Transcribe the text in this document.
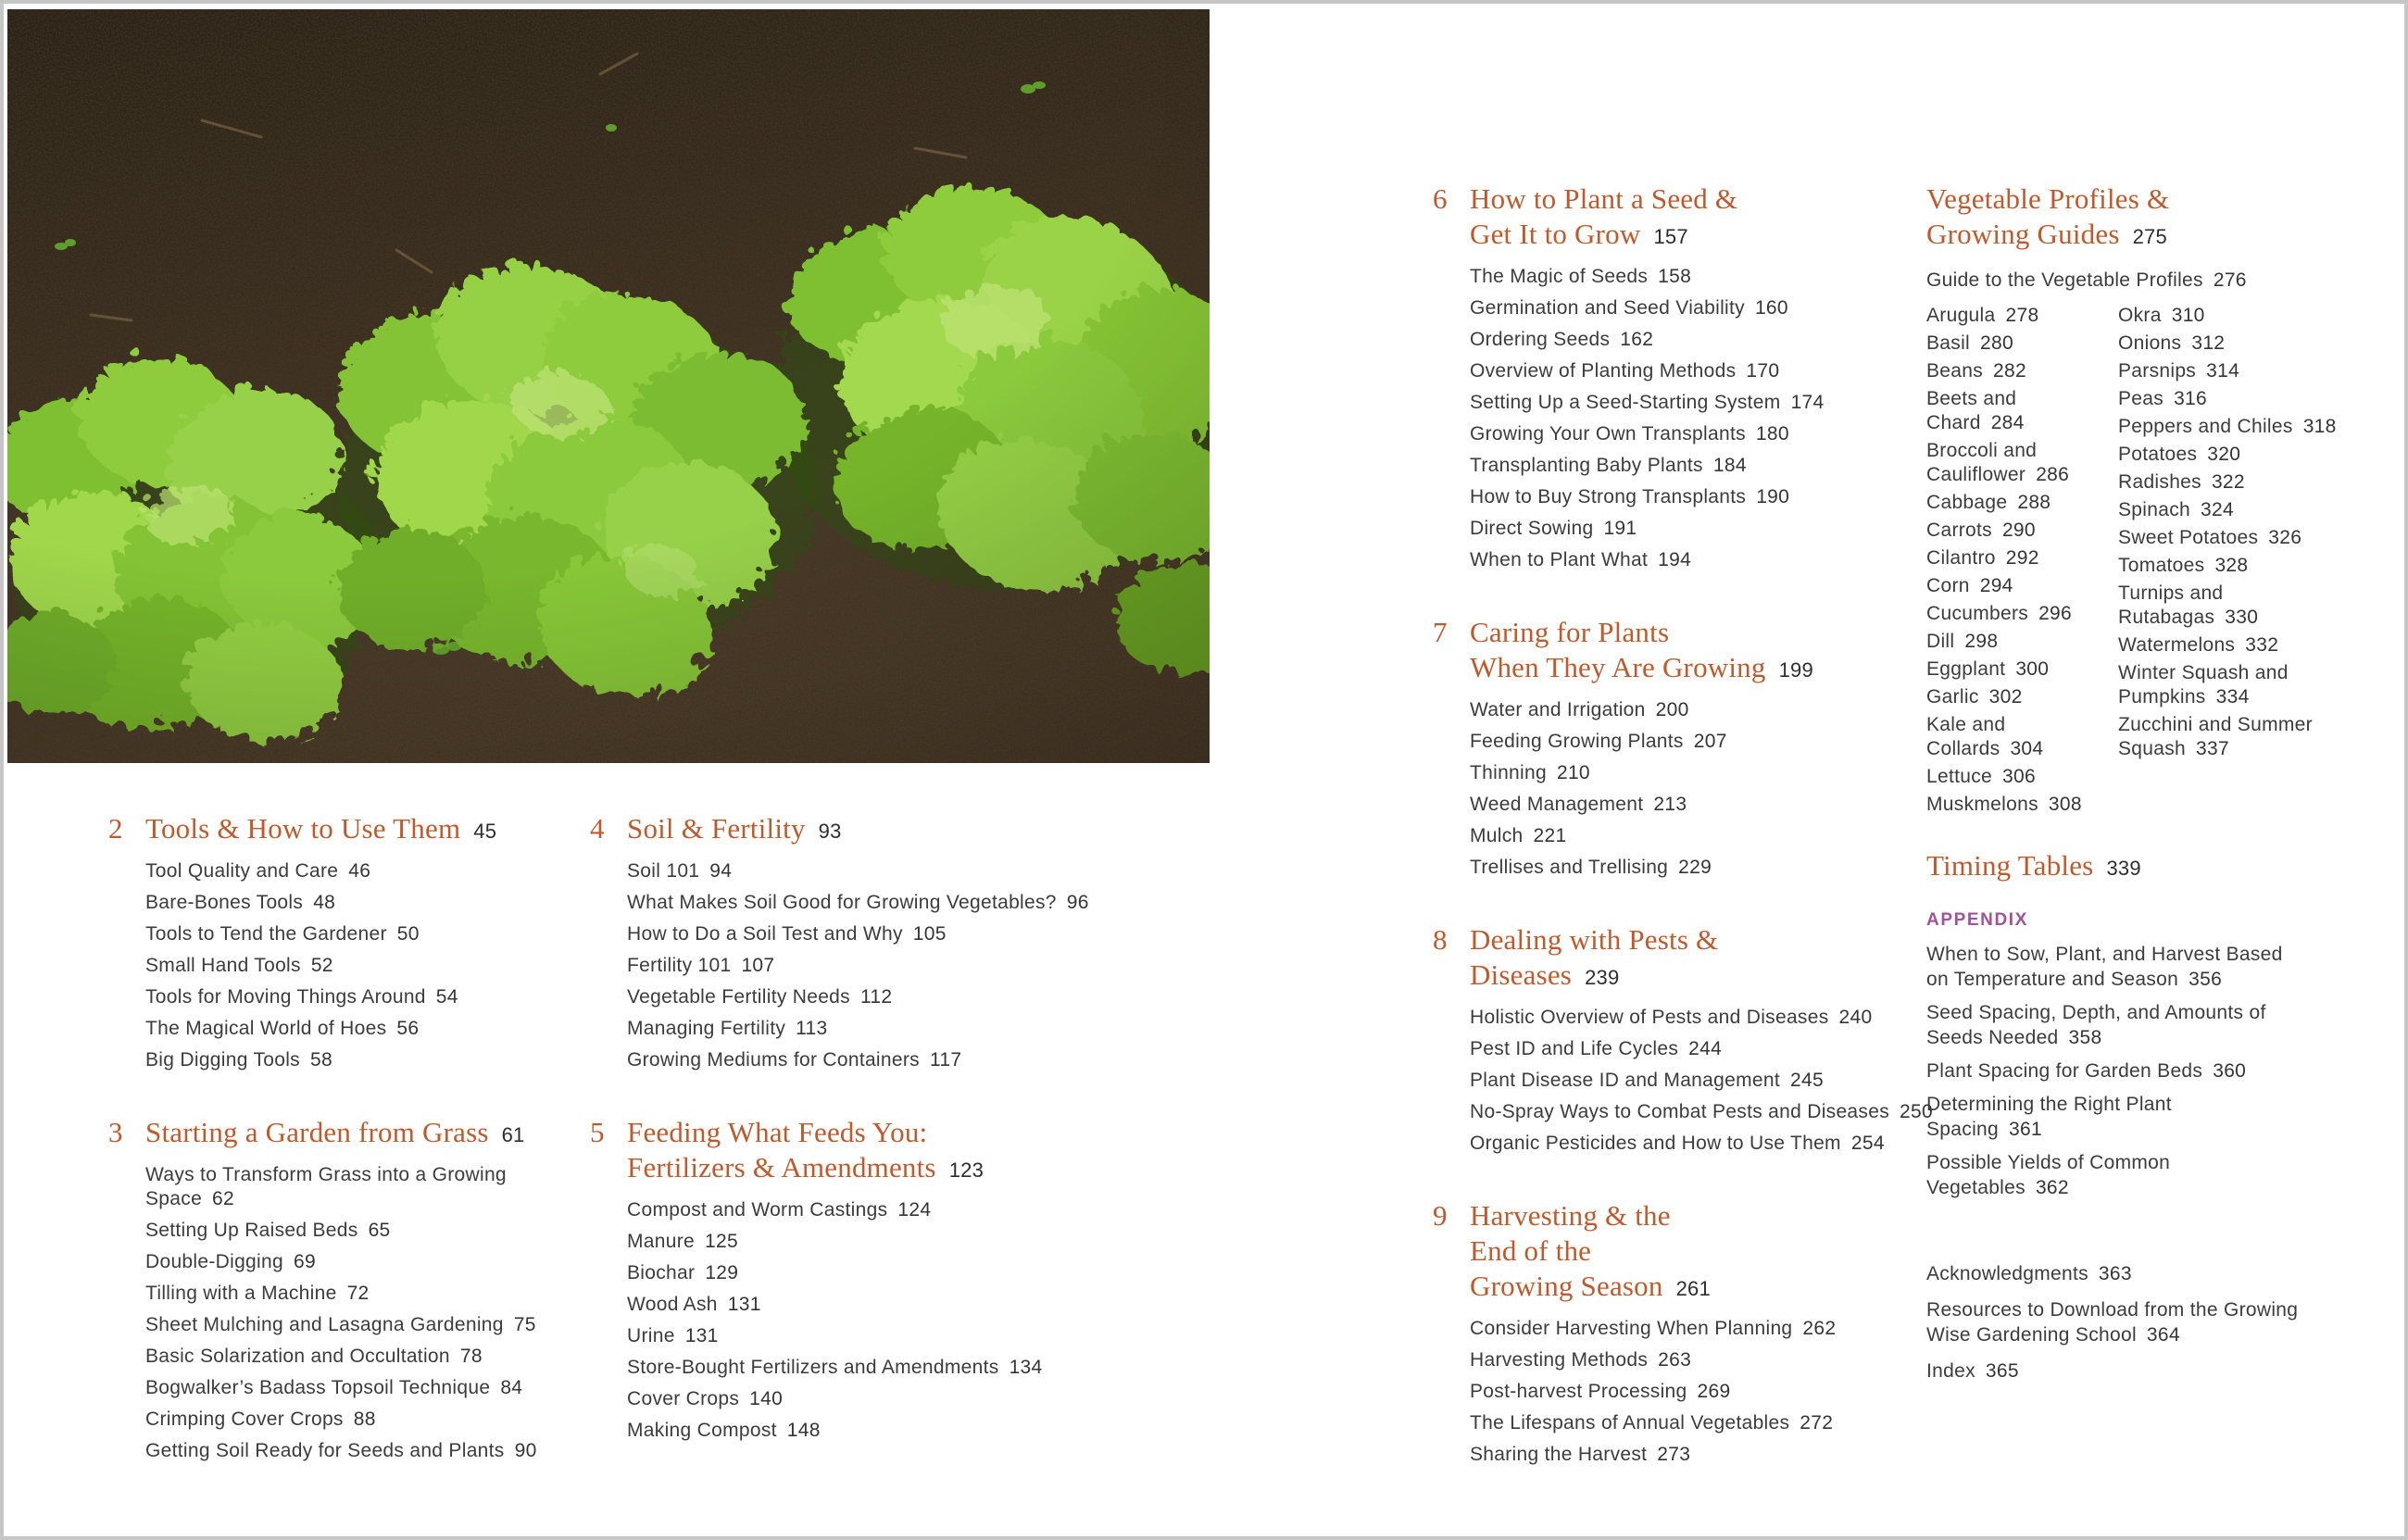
2 Tools & How to Use Them 45
Tool Quality and Care 46
Bare-Bones Tools 48
Tools to Tend the Gardener 50
Small Hand Tools 52
Tools for Moving Things Around 54
The Magical World of Hoes 56
Big Digging Tools 58
3 Starting a Garden from Grass 61
Ways to Transform Grass into a Growing Space 62
Setting Up Raised Beds 65
Double-Digging 69
Tilling with a Machine 72
Sheet Mulching and Lasagna Gardening 75
Basic Solarization and Occultation 78
Bogwalker’s Badass Topsoil Technique 84
Crimping Cover Crops 88
Getting Soil Ready for Seeds and Plants 90
4 Soil & Fertility 93
Soil 101 94
What Makes Soil Good for Growing Vegetables? 96
How to Do a Soil Test and Why 105
Fertility 101 107
Vegetable Fertility Needs 112
Managing Fertility 113
Growing Mediums for Containers 117
5 Feeding What Feeds You:
Fertilizers & Amendments 123
Compost and Worm Castings 124
Manure 125
Biochar 129
Wood Ash 131
Urine 131
Store-Bought Fertilizers and Amendments 134
Cover Crops 140
Making Compost 148
6 How to Plant a Seed &
Get It to Grow 157
The Magic of Seeds 158
Germination and Seed Viability 160
Ordering Seeds 162
Overview of Planting Methods 170
Setting Up a Seed-Starting System 174
Growing Your Own Transplants 180
Transplanting Baby Plants 184
How to Buy Strong Transplants 190
Direct Sowing 191
When to Plant What 194
7 Caring for Plants
When They Are Growing 199
Water and Irrigation 200
Feeding Growing Plants 207
Thinning 210
Weed Management 213
Mulch 221
Trellises and Trellising 229
8 Dealing with Pests &
Diseases 239
Holistic Overview of Pests and Diseases 240
Pest ID and Life Cycles 244
Plant Disease ID and Management 245
No-Spray Ways to Combat Pests and Diseases 250
Organic Pesticides and How to Use Them 254
9 Harvesting & the
End of the
Growing Season 261
Consider Harvesting When Planning 262
Harvesting Methods 263
Post-harvest Processing 269
The Lifespans of Annual Vegetables 272
Sharing the Harvest 273
Vegetable Profiles &
Growing Guides 275
Guide to the Vegetable Profiles 276
Arugula 278
Basil 280
Beans 282
Beets and Chard 284
Broccoli and Cauliflower 286
Cabbage 288
Carrots 290
Cilantro 292
Corn 294
Cucumbers 296
Dill 298
Eggplant 300
Garlic 302
Kale and Collards 304
Lettuce 306
Muskmelons 308
Okra 310
Onions 312
Parsnips 314
Peas 316
Peppers and Chiles 318
Potatoes 320
Radishes 322
Spinach 324
Sweet Potatoes 326
Tomatoes 328
Turnips and Rutabagas 330
Watermelons 332
Winter Squash and Pumpkins 334
Zucchini and Summer Squash 337
Timing Tables 339
APPENDIX
When to Sow, Plant, and Harvest Based on Temperature and Season 356
Seed Spacing, Depth, and Amounts of Seeds Needed 358
Plant Spacing for Garden Beds 360
Determining the Right Plant Spacing 361
Possible Yields of Common Vegetables 362
Acknowledgments 363
Resources to Download from the Growing Wise Gardening School 364
Index 365
